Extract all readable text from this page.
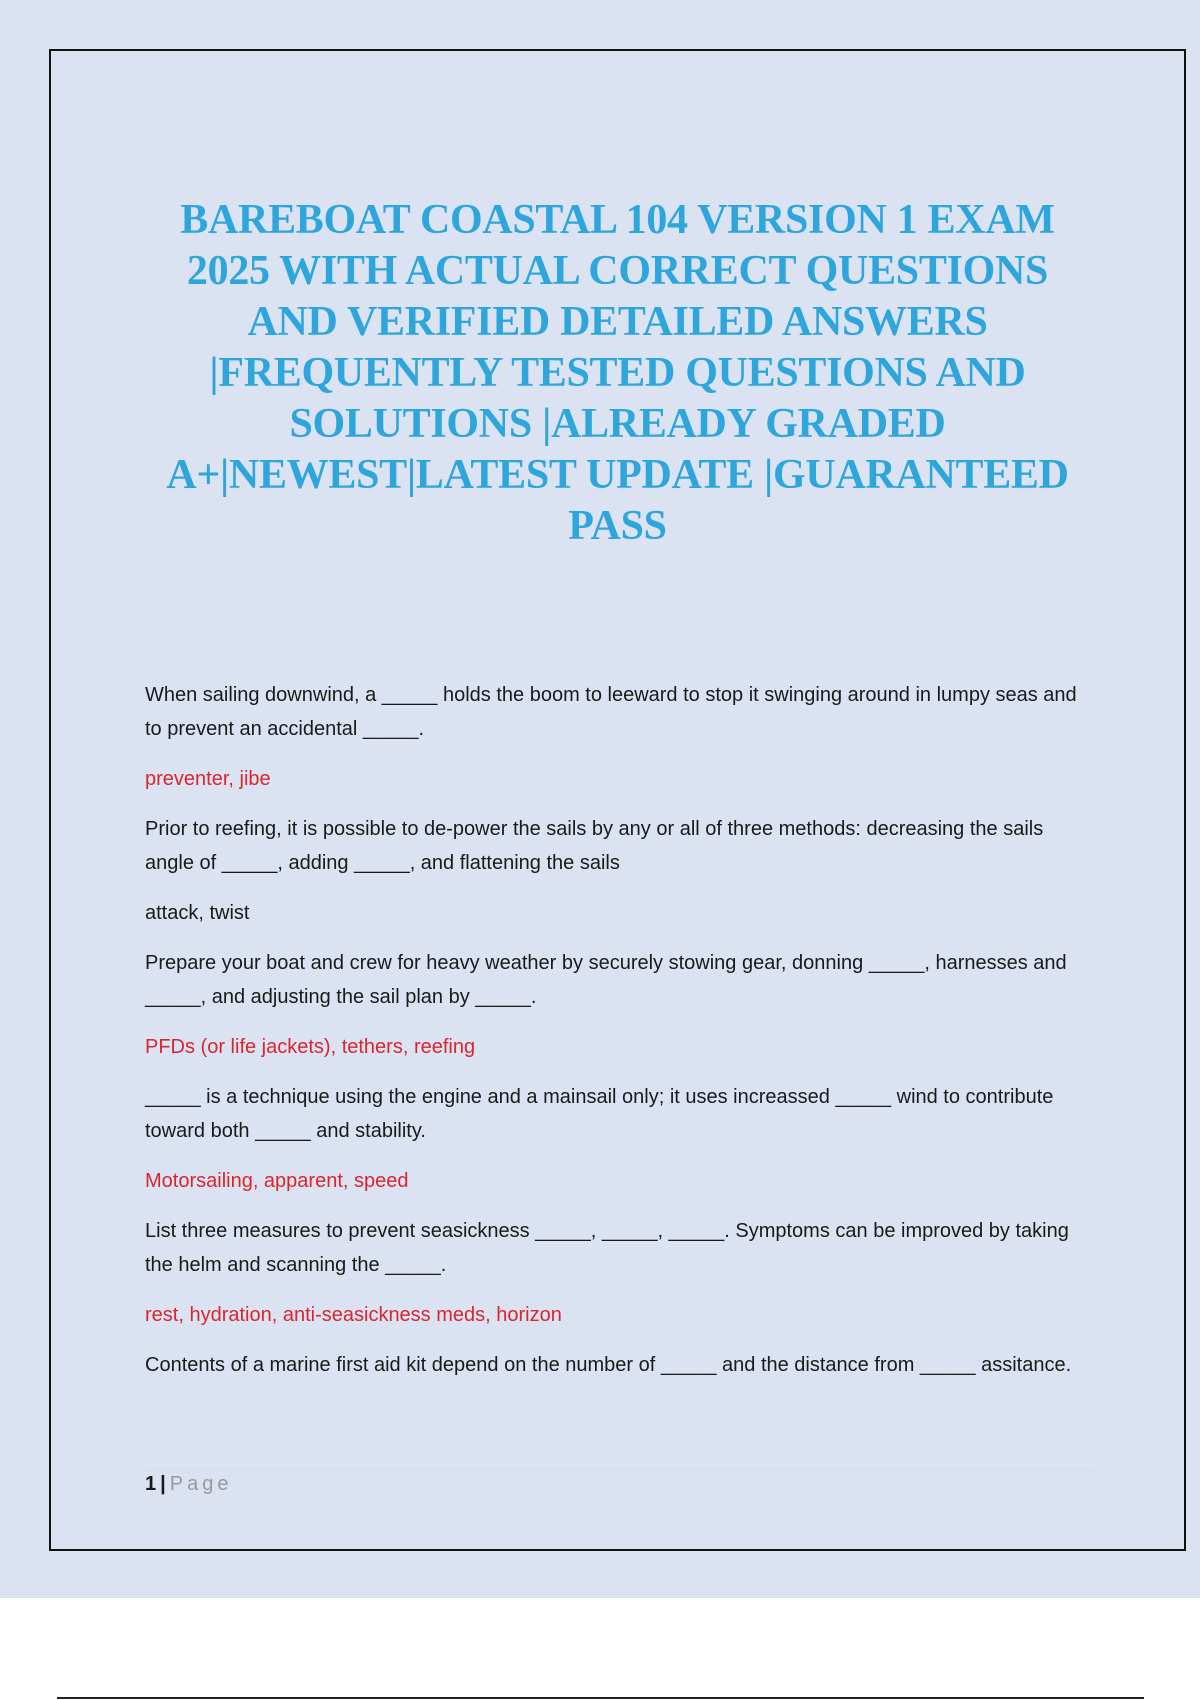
BAREBOAT COASTAL 104 VERSION 1 EXAM
2025 WITH ACTUAL CORRECT QUESTIONS
AND VERIFIED DETAILED ANSWERS
|FREQUENTLY TESTED QUESTIONS AND
SOLUTIONS |ALREADY GRADED
A+|NEWEST|LATEST UPDATE |GUARANTEED
PASS

When sailing downwind, a _____ holds the boom to leeward to stop it swinging around in lumpy seas and to prevent an accidental _____.

preventer, jibe

Prior to reefing, it is possible to de-power the sails by any or all of three methods: decreasing the sails angle of _____, adding _____, and flattening the sails

attack, twist

Prepare your boat and crew for heavy weather by securely stowing gear, donning _____, harnesses and _____, and adjusting the sail plan by _____.

PFDs (or life jackets), tethers, reefing

_____ is a technique using the engine and a mainsail only; it uses increassed _____ wind to contribute toward both _____ and stability.

Motorsailing, apparent, speed

List three measures to prevent seasickness _____, _____, _____. Symptoms can be improved by taking the helm and scanning the _____.

rest, hydration, anti-seasickness meds, horizon

Contents of a marine first aid kit depend on the number of _____ and the distance from _____ assitance.

1 | Page
